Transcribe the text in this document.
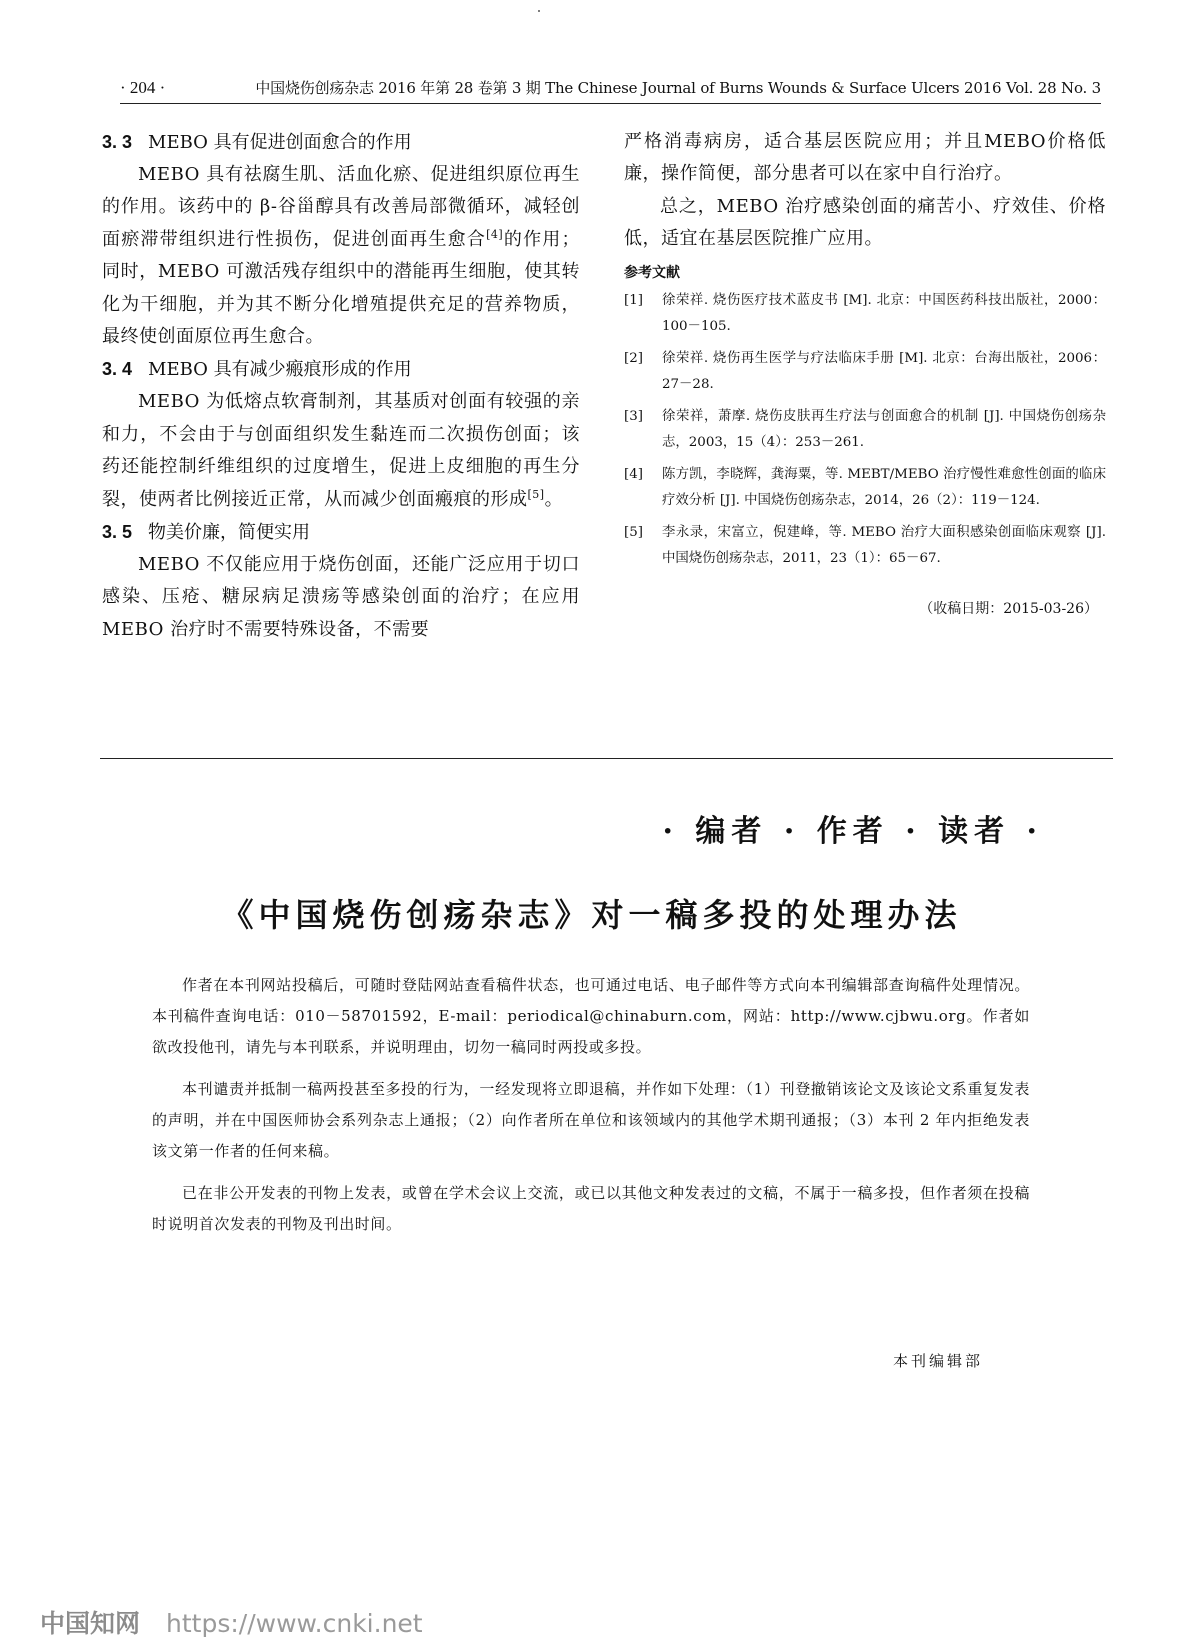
· 204 ·	中国烧伤创疡杂志 2016 年第 28 卷第 3 期 The Chinese Journal of Burns Wounds & Surface Ulcers 2016 Vol. 28 No. 3

3. 3 MEBO 具有促进创面愈合的作用

MEBO 具有祛腐生肌、活血化瘀、促进组织原位再生的作用。该药中的 β-谷甾醇具有改善局部微循环，减轻创面瘀滞带组织进行性损伤，促进创面再生愈合[4]的作用；同时，MEBO 可激活残存组织中的潜能再生细胞，使其转化为干细胞，并为其不断分化增殖提供充足的营养物质，最终使创面原位再生愈合。

3. 4 MEBO 具有减少瘢痕形成的作用

MEBO 为低熔点软膏制剂，其基质对创面有较强的亲和力，不会由于与创面组织发生黏连而二次损伤创面；该药还能控制纤维组织的过度增生，促进上皮细胞的再生分裂，使两者比例接近正常，从而减少创面瘢痕的形成[5]。

3. 5 物美价廉，简便实用

MEBO 不仅能应用于烧伤创面，还能广泛应用于切口感染、压疮、糖尿病足溃疡等感染创面的治疗；在应用 MEBO 治疗时不需要特殊设备，不需要

严格消毒病房，适合基层医院应用；并且MEBO价格低廉，操作简便，部分患者可以在家中自行治疗。

总之，MEBO 治疗感染创面的痛苦小、疗效佳、价格低，适宜在基层医院推广应用。

参考文献
[1]	徐荣祥. 烧伤医疗技术蓝皮书 [M]. 北京：中国医药科技出版社，2000：100－105.
[2]	徐荣祥. 烧伤再生医学与疗法临床手册 [M]. 北京：台海出版社，2006：27－28.
[3]	徐荣祥，萧摩. 烧伤皮肤再生疗法与创面愈合的机制 [J]. 中国烧伤创疡杂志，2003，15（4）：253－261.
[4]	陈方凯，李晓辉，龚海粟，等. MEBT/MEBO 治疗慢性难愈性创面的临床疗效分析 [J]. 中国烧伤创疡杂志，2014，26（2）：119－124.
[5]	李永录，宋富立，倪建峰，等. MEBO 治疗大面积感染创面临床观察 [J]. 中国烧伤创疡杂志，2011，23（1）：65－67.
（收稿日期：2015-03-26）
· 编者 · 作者 · 读者 ·
《中国烧伤创疡杂志》对一稿多投的处理办法

作者在本刊网站投稿后，可随时登陆网站查看稿件状态，也可通过电话、电子邮件等方式向本刊编辑部查询稿件处理情况。本刊稿件查询电话：010－58701592，E-mail：periodical@chinaburn.com，网站：http://www.cjbwu.org。作者如欲改投他刊，请先与本刊联系，并说明理由，切勿一稿同时两投或多投。

本刊谴责并抵制一稿两投甚至多投的行为，一经发现将立即退稿，并作如下处理：（1）刊登撤销该论文及该论文系重复发表的声明，并在中国医师协会系列杂志上通报；（2）向作者所在单位和该领域内的其他学术期刊通报；（3）本刊 2 年内拒绝发表该文第一作者的任何来稿。

已在非公开发表的刊物上发表，或曾在学术会议上交流，或已以其他文种发表过的文稿，不属于一稿多投，但作者须在投稿时说明首次发表的刊物及刊出时间。

本刊编辑部
中国知网 https://www.cnki.net
